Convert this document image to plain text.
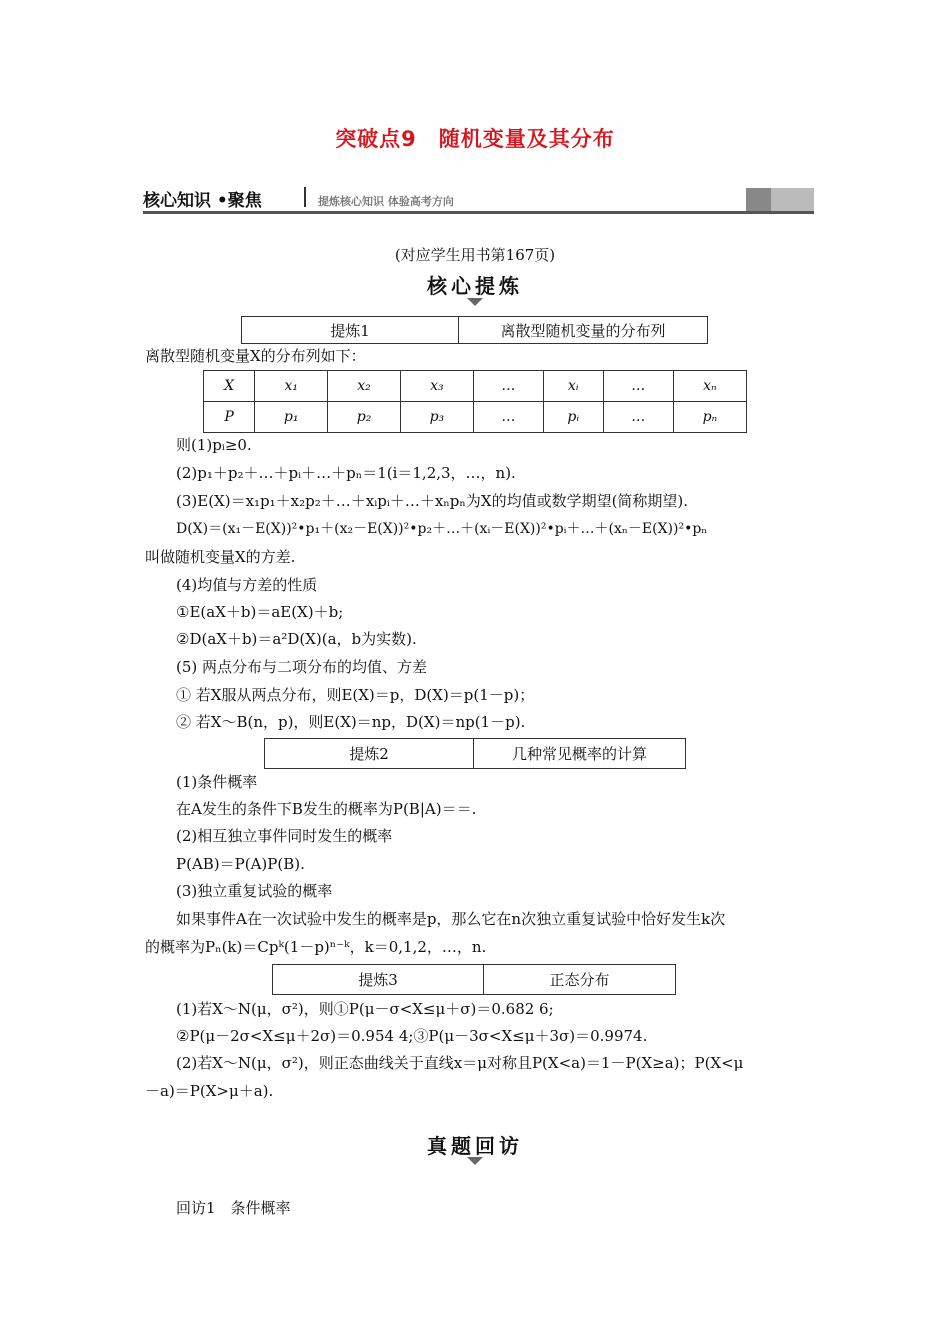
突破点9　随机变量及其分布
核心知识 •聚焦	提炼核心知识 体验高考方向
(对应学生用书第167页)
核心提炼
提炼1	离散型随机变量的分布列
离散型随机变量X的分布列如下：
X	x₁	x₂	x₃	…	xᵢ	…	xₙ
P	p₁	p₂	p₃	…	pᵢ	…	pₙ
则(1)pᵢ≥0.
(2)p₁＋p₂＋…＋pᵢ＋…＋pₙ＝1(i＝1,2,3，…，n).
(3)E(X)＝x₁p₁＋x₂p₂＋…＋xᵢpᵢ＋…＋xₙpₙ为X的均值或数学期望(简称期望).
D(X)＝(x₁－E(X))²•p₁＋(x₂－E(X))²•p₂＋…＋(xᵢ－E(X))²•pᵢ＋…＋(xₙ－E(X))²•pₙ
叫做随机变量X的方差.
(4)均值与方差的性质
①E(aX＋b)＝aE(X)＋b;
②D(aX＋b)＝a²D(X)(a，b为实数).
(5) 两点分布与二项分布的均值、方差
① 若X服从两点分布，则E(X)＝p，D(X)＝p(1－p)；
② 若X～B(n，p)，则E(X)＝np，D(X)＝np(1－p).
提炼2	几种常见概率的计算
(1)条件概率
在A发生的条件下B发生的概率为P(B|A)＝＝.
(2)相互独立事件同时发生的概率
P(AB)＝P(A)P(B).
(3)独立重复试验的概率
如果事件A在一次试验中发生的概率是p，那么它在n次独立重复试验中恰好发生k次
的概率为Pₙ(k)＝Cpᵏ(1－p)ⁿ⁻ᵏ，k＝0,1,2，…，n.
提炼3	正态分布
(1)若X～N(μ，σ²)，则①P(μ－σ<X≤μ＋σ)＝0.682 6;
②P(μ－2σ<X≤μ＋2σ)＝0.954 4;③P(μ－3σ<X≤μ＋3σ)＝0.9974.
(2)若X～N(μ，σ²)，则正态曲线关于直线x＝μ对称且P(X<a)＝1－P(X≥a)；P(X<μ
－a)＝P(X>μ＋a).
真题回访
回访1　条件概率
